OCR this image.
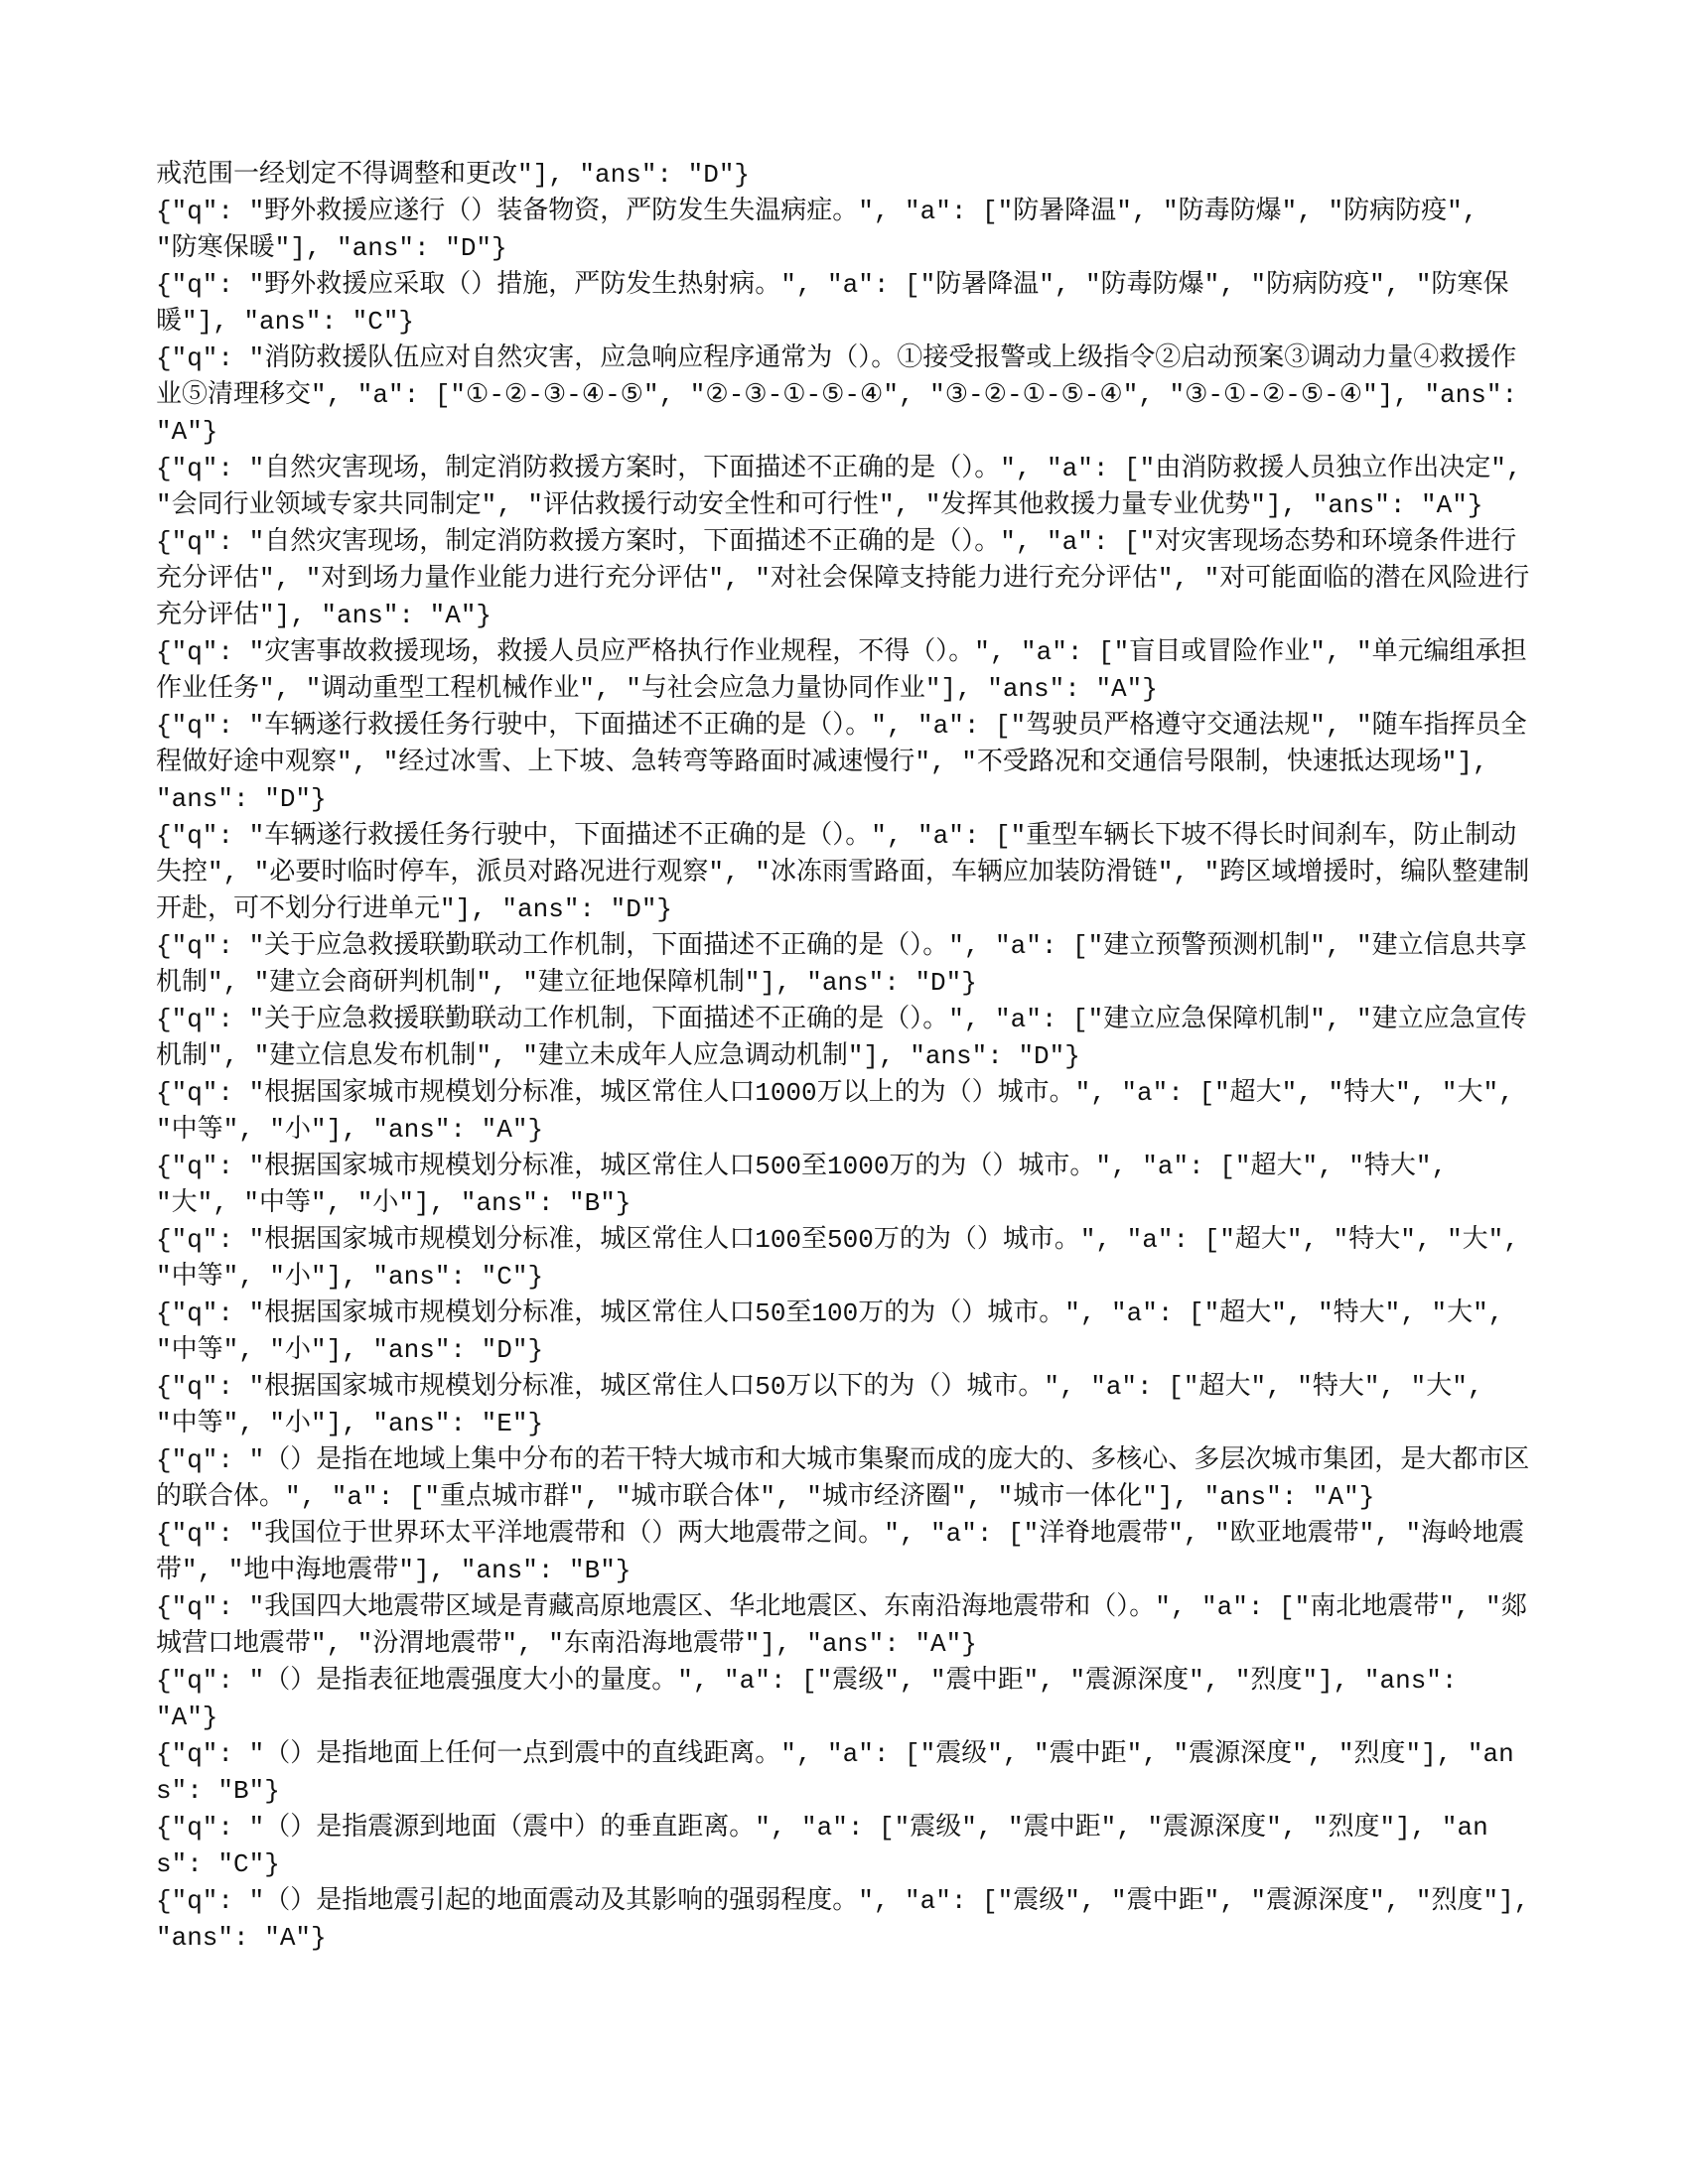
戒范围一经划定不得调整和更改"], "ans": "D"}
{"q": "野外救援应遂行（）装备物资，严防发生失温病症。", "a": ["防暑降温", "防毒防爆", "防病防疫", "防寒保暖"], "ans": "D"}
{"q": "野外救援应采取（）措施，严防发生热射病。", "a": ["防暑降温", "防毒防爆", "防病防疫", "防寒保暖"], "ans": "C"}
{"q": "消防救援队伍应对自然灾害，应急响应程序通常为（）。①接受报警或上级指令②启动预案③调动力量④救援作业⑤清理移交", "a": ["①-②-③-④-⑤", "②-③-①-⑤-④", "③-②-①-⑤-④", "③-①-②-⑤-④"], "ans": "A"}
{"q": "自然灾害现场，制定消防救援方案时，下面描述不正确的是（）。", "a": ["由消防救援人员独立作出决定", "会同行业领域专家共同制定", "评估救援行动安全性和可行性", "发挥其他救援力量专业优势"], "ans": "A"}
{"q": "自然灾害现场，制定消防救援方案时，下面描述不正确的是（）。", "a": ["对灾害现场态势和环境条件进行充分评估", "对到场力量作业能力进行充分评估", "对社会保障支持能力进行充分评估", "对可能面临的潜在风险进行充分评估"], "ans": "A"}
{"q": "灾害事故救援现场，救援人员应严格执行作业规程，不得（）。", "a": ["盲目或冒险作业", "单元编组承担作业任务", "调动重型工程机械作业", "与社会应急力量协同作业"], "ans": "A"}
{"q": "车辆遂行救援任务行驶中，下面描述不正确的是（）。", "a": ["驾驶员严格遵守交通法规", "随车指挥员全程做好途中观察", "经过冰雪、上下坡、急转弯等路面时减速慢行", "不受路况和交通信号限制，快速抵达现场"], "ans": "D"}
{"q": "车辆遂行救援任务行驶中，下面描述不正确的是（）。", "a": ["重型车辆长下坡不得长时间刹车，防止制动失控", "必要时临时停车，派员对路况进行观察", "冰冻雨雪路面，车辆应加装防滑链", "跨区域增援时，编队整建制开赴，可不划分行进单元"], "ans": "D"}
{"q": "关于应急救援联勤联动工作机制，下面描述不正确的是（）。", "a": ["建立预警预测机制", "建立信息共享机制", "建立会商研判机制", "建立征地保障机制"], "ans": "D"}
{"q": "关于应急救援联勤联动工作机制，下面描述不正确的是（）。", "a": ["建立应急保障机制", "建立应急宣传机制", "建立信息发布机制", "建立未成年人应急调动机制"], "ans": "D"}
{"q": "根据国家城市规模划分标准，城区常住人口1000万以上的为（）城市。", "a": ["超大", "特大", "大", "中等", "小"], "ans": "A"}
{"q": "根据国家城市规模划分标准，城区常住人口500至1000万的为（）城市。", "a": ["超大", "特大", "大", "中等", "小"], "ans": "B"}
{"q": "根据国家城市规模划分标准，城区常住人口100至500万的为（）城市。", "a": ["超大", "特大", "大", "中等", "小"], "ans": "C"}
{"q": "根据国家城市规模划分标准，城区常住人口50至100万的为（）城市。", "a": ["超大", "特大", "大", "中等", "小"], "ans": "D"}
{"q": "根据国家城市规模划分标准，城区常住人口50万以下的为（）城市。", "a": ["超大", "特大", "大", "中等", "小"], "ans": "E"}
{"q": "（）是指在地域上集中分布的若干特大城市和大城市集聚而成的庞大的、多核心、多层次城市集团，是大都市区的联合体。", "a": ["重点城市群", "城市联合体", "城市经济圈", "城市一体化"], "ans": "A"}
{"q": "我国位于世界环太平洋地震带和（）两大地震带之间。", "a": ["洋脊地震带", "欧亚地震带", "海岭地震带", "地中海地震带"], "ans": "B"}
{"q": "我国四大地震带区域是青藏高原地震区、华北地震区、东南沿海地震带和（）。", "a": ["南北地震带", "郯城营口地震带", "汾渭地震带", "东南沿海地震带"], "ans": "A"}
{"q": "（）是指表征地震强度大小的量度。", "a": ["震级", "震中距", "震源深度", "烈度"], "ans": "A"}
{"q": "（）是指地面上任何一点到震中的直线距离。", "a": ["震级", "震中距", "震源深度", "烈度"], "ans": "B"}
{"q": "（）是指震源到地面（震中）的垂直距离。", "a": ["震级", "震中距", "震源深度", "烈度"], "ans": "C"}
{"q": "（）是指地震引起的地面震动及其影响的强弱程度。", "a": ["震级", "震中距", "震源深度", "烈度"], "ans": "A"}
